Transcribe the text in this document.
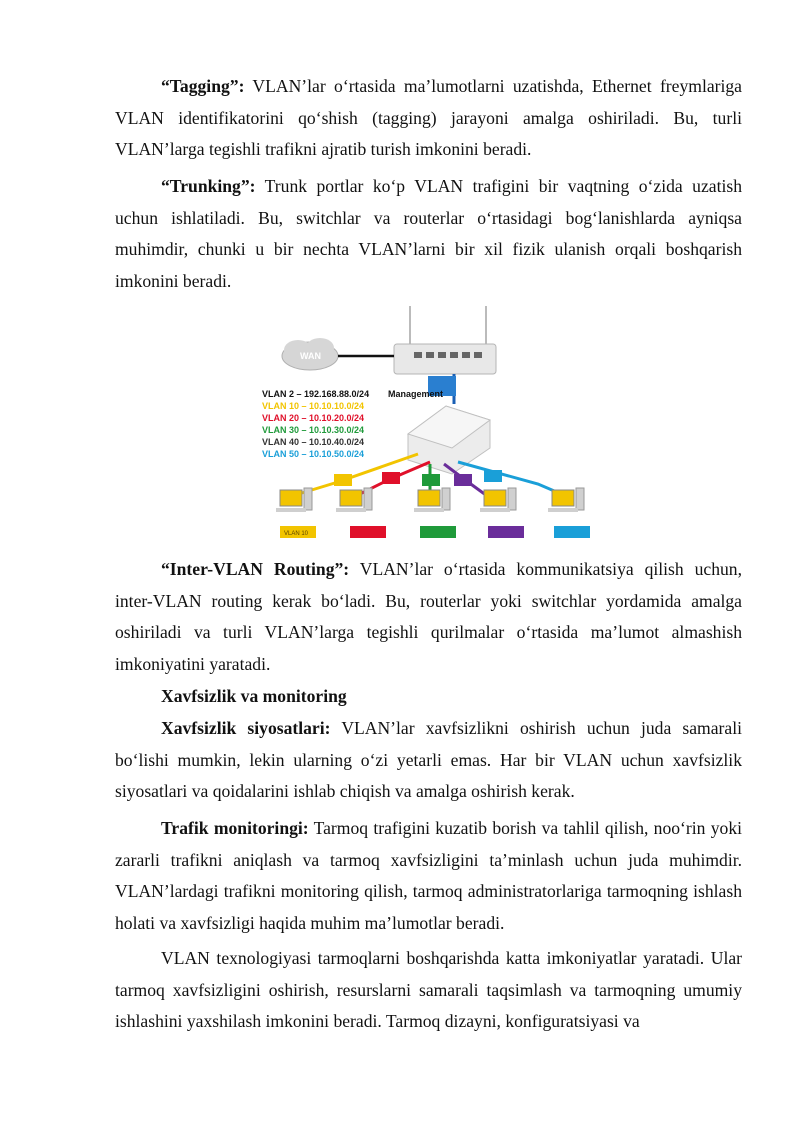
“Tagging”: VLAN’lar o‘rtasida ma’lumotlarni uzatishda, Ethernet freymlariga VLAN identifikatorini qo‘shish (tagging) jarayoni amalga oshiriladi. Bu, turli VLAN’larga tegishli trafikni ajratib turish imkonini beradi.

“Trunking”: Trunk portlar ko‘p VLAN trafigini bir vaqtning o‘zida uzatish uchun ishlatiladi. Bu, switchlar va routerlar o‘rtasidagi bog‘lanishlarda ayniqsa muhimdir, chunki u bir nechta VLAN’larni bir xil fizik ulanish orqali boshqarish imkonini beradi.

WAN
VLAN 2 – 192.168.88.0/24 Management
VLAN 10 – 10.10.10.0/24
VLAN 20 – 10.10.20.0/24
VLAN 30 – 10.10.30.0/24
VLAN 40 – 10.10.40.0/24
VLAN 50 – 10.10.50.0/24
VLAN 10

“Inter-VLAN Routing”: VLAN’lar o‘rtasida kommunikatsiya qilish uchun, inter-VLAN routing kerak bo‘ladi. Bu, routerlar yoki switchlar yordamida amalga oshiriladi va turli VLAN’larga tegishli qurilmalar o‘rtasida ma’lumot almashish imkoniyatini yaratadi.

Xavfsizlik va monitoring

Xavfsizlik siyosatlari: VLAN’lar xavfsizlikni oshirish uchun juda samarali bo‘lishi mumkin, lekin ularning o‘zi yetarli emas. Har bir VLAN uchun xavfsizlik siyosatlari va qoidalarini ishlab chiqish va amalga oshirish kerak.

Trafik monitoringi: Tarmoq trafigini kuzatib borish va tahlil qilish, noo‘rin yoki zararli trafikni aniqlash va tarmoq xavfsizligini ta’minlash uchun juda muhimdir. VLAN’lardagi trafikni monitoring qilish, tarmoq administratorlariga tarmoqning ishlash holati va xavfsizligi haqida muhim ma’lumotlar beradi.

VLAN texnologiyasi tarmoqlarni boshqarishda katta imkoniyatlar yaratadi. Ular tarmoq xavfsizligini oshirish, resurslarni samarali taqsimlash va tarmoqning umumiy ishlashini yaxshilash imkonini beradi. Tarmoq dizayni, konfiguratsiyasi va
